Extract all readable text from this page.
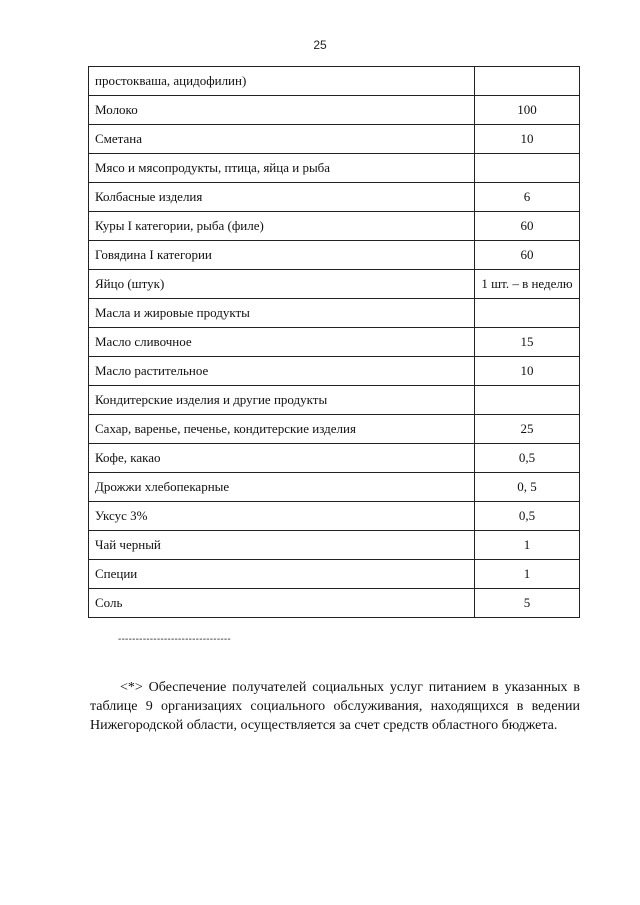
25
простокваша, ацидофилин)	
Молоко	100
Сметана	10
Мясо и мясопродукты, птица, яйца и рыба	
Колбасные изделия	6
Куры I категории, рыба (филе)	60
Говядина I категории	60
Яйцо (штук)	1 шт. – в неделю
Масла и жировые продукты	
Масло сливочное	15
Масло растительное	10
Кондитерские изделия и другие продукты	
Сахар, варенье, печенье, кондитерские изделия	25
Кофе, какао	0,5
Дрожжи хлебопекарные	0, 5
Уксус 3%	0,5
Чай черный	1
Специи	1
Соль	5
--------------------------------

<*> Обеспечение получателей социальных услуг питанием в указанных в таблице 9 организациях социального обслуживания, находящихся в ведении Нижегородской области, осуществляется за счет средств областного бюджета.
